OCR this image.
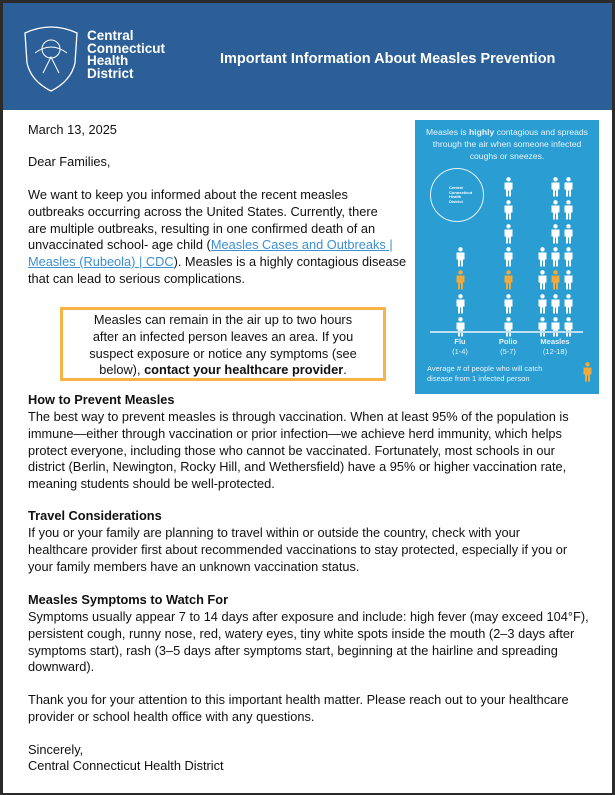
Central
Connecticut
Health
District
Important Information About Measles Prevention
March 13, 2025
Dear Families,
We want to keep you informed about the recent measles
outbreaks occurring across the United States. Currently, there
are multiple outbreaks, resulting in one confirmed death of an
unvaccinated school- age child (Measles Cases and Outbreaks |
Measles (Rubeola) | CDC). Measles is a highly contagious disease
that can lead to serious complications.
Measles can remain in the air up to two hours
after an infected person leaves an area. If you
suspect exposure or notice any symptoms (see
below), contact your healthcare provider.
How to Prevent Measles
The best way to prevent measles is through vaccination. When at least 95% of the population is
immune—either through vaccination or prior infection—we achieve herd immunity, which helps
protect everyone, including those who cannot be vaccinated. Fortunately, most schools in our
district (Berlin, Newington, Rocky Hill, and Wethersfield) have a 95% or higher vaccination rate,
meaning students should be well-protected.
Travel Considerations
If you or your family are planning to travel within or outside the country, check with your
healthcare provider first about recommended vaccinations to stay protected, especially if you or
your family members have an unknown vaccination status.
Measles Symptoms to Watch For
Symptoms usually appear 7 to 14 days after exposure and include: high fever (may exceed 104°F),
persistent cough, runny nose, red, watery eyes, tiny white spots inside the mouth (2–3 days after
symptoms start), rash (3–5 days after symptoms start, beginning at the hairline and spreading
downward).
Thank you for your attention to this important health matter. Please reach out to your healthcare
provider or school health office with any questions.
Sincerely,
Central Connecticut Health District
Measles is highly contagious and spreads
through the air when someone infected
coughs or sneezes.
Central Connecticut Health District
Flu
(1-4)
Polio
(5-7)
Measles
(12-18)
Average # of people who will catch
disease from 1 infected person
